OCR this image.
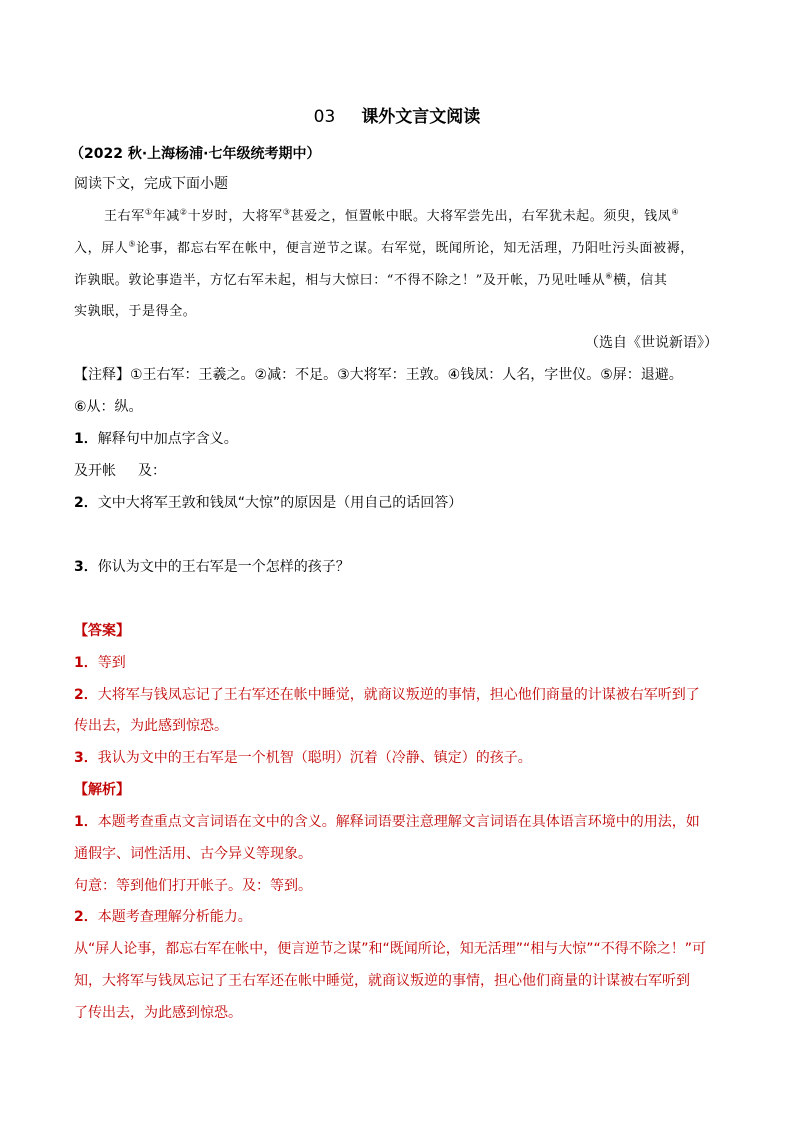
03 课外文言文阅读
（2022 秋·上海杨浦·七年级统考期中）
阅读下文，完成下面小题
王右军①年减②十岁时，大将军③甚爱之，恒置帐中眠。大将军尝先出，右军犹未起。须臾，钱凤④
入，屏人⑤论事，都忘右军在帐中，便言逆节之谋。右军觉，既闻所论，知无活理，乃阳吐污头面被褥，
诈孰眠。敦论事造半，方忆右军未起，相与大惊曰：“不得不除之！”及开帐，乃见吐唾从⑥横，信其
实孰眠，于是得全。
（选自《世说新语》）
【注释】①王右军：王羲之。②减：不足。③大将军：王敦。④钱凤：人名，字世仪。⑤屏：退避。
⑥从：纵。
1．解释句中加点字含义。
及开帐 及：
2．文中大将军王敦和钱凤“大惊”的原因是（用自己的话回答）
3．你认为文中的王右军是一个怎样的孩子？
【答案】
1．等到
2．大将军与钱凤忘记了王右军还在帐中睡觉，就商议叛逆的事情，担心他们商量的计谋被右军听到了
传出去，为此感到惊恐。
3．我认为文中的王右军是一个机智（聪明）沉着（冷静、镇定）的孩子。
【解析】
1．本题考查重点文言词语在文中的含义。解释词语要注意理解文言词语在具体语言环境中的用法，如
通假字、词性活用、古今异义等现象。
句意：等到他们打开帐子。及：等到。
2．本题考查理解分析能力。
从“屏人论事，都忘右军在帐中，便言逆节之谋”和“既闻所论，知无活理”“相与大惊”“不得不除之！”可
知，大将军与钱凤忘记了王右军还在帐中睡觉，就商议叛逆的事情，担心他们商量的计谋被右军听到
了传出去，为此感到惊恐。
